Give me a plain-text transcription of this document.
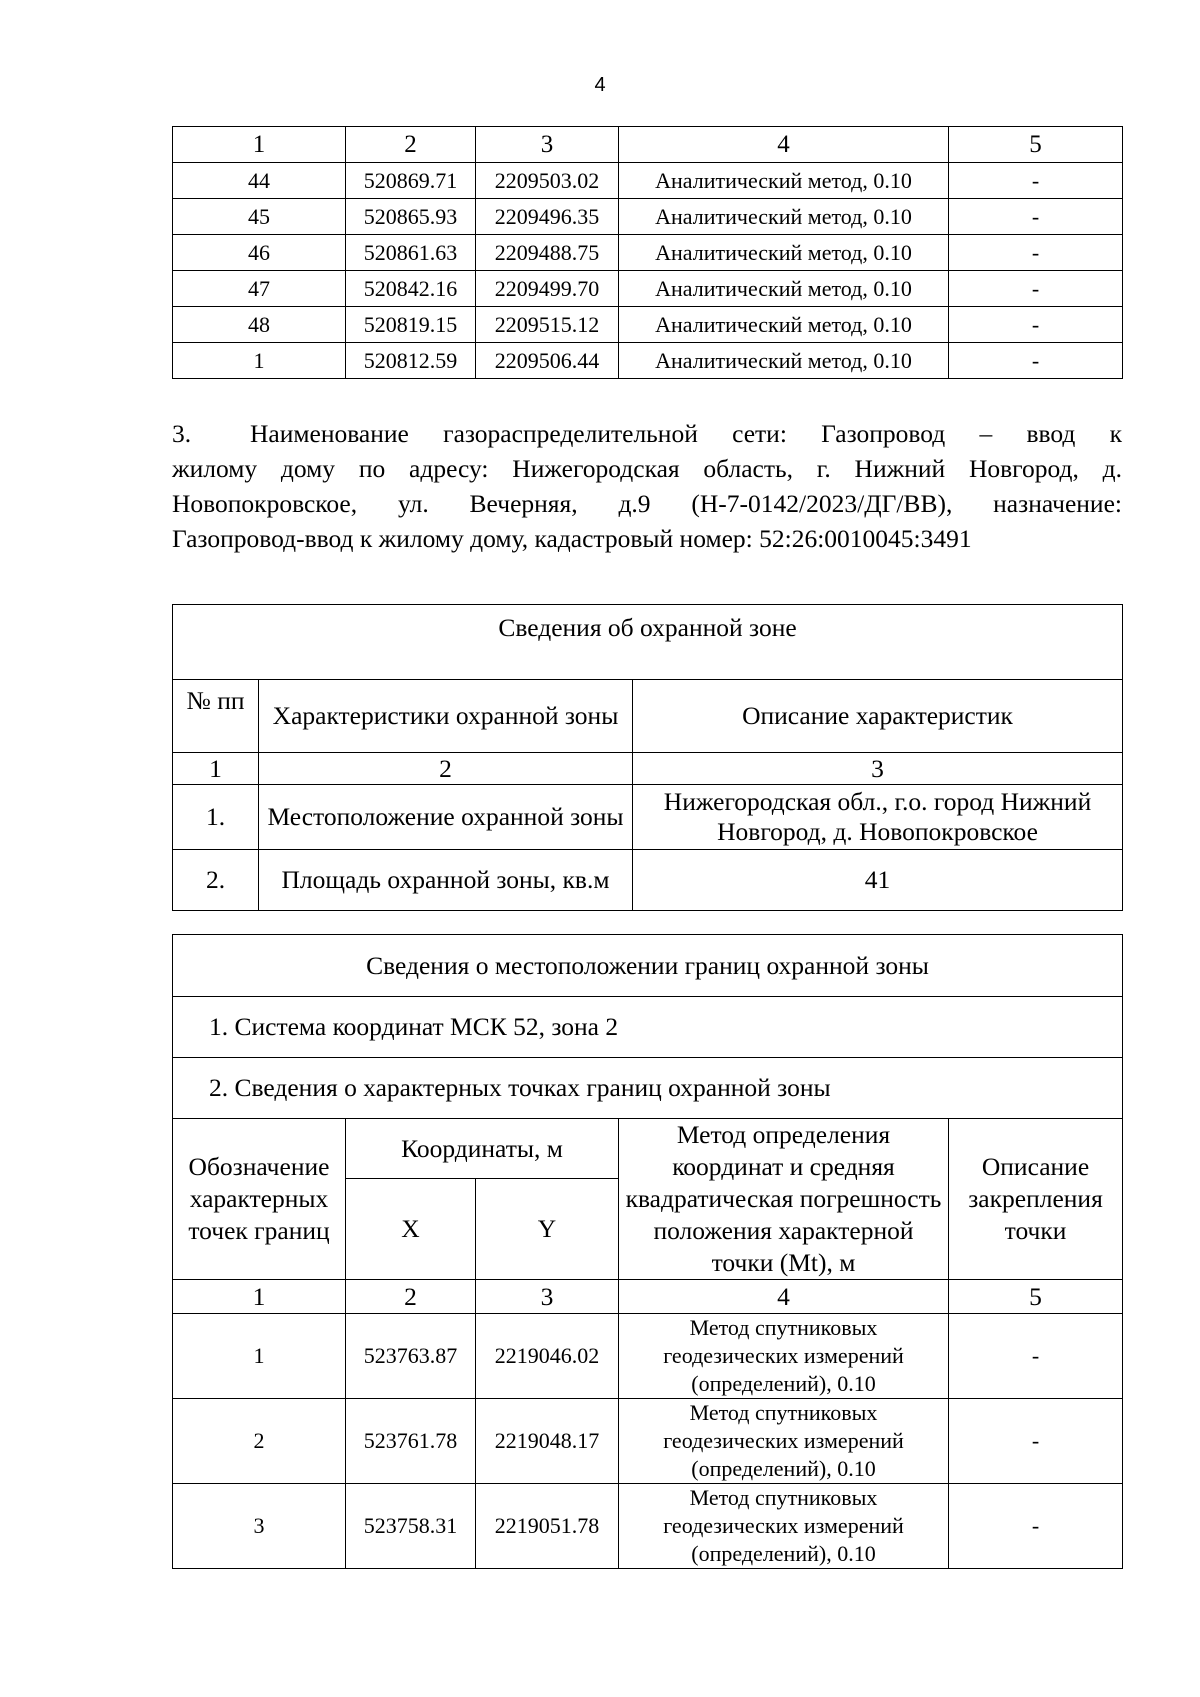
4
1	2	3	4	5
44	520869.71	2209503.02	Аналитический метод, 0.10	-
45	520865.93	2209496.35	Аналитический метод, 0.10	-
46	520861.63	2209488.75	Аналитический метод, 0.10	-
47	520842.16	2209499.70	Аналитический метод, 0.10	-
48	520819.15	2209515.12	Аналитический метод, 0.10	-
1	520812.59	2209506.44	Аналитический метод, 0.10	-
3. Наименование газораспределительной сети: Газопровод – ввод к
жилому дому по адресу: Нижегородская область, г. Нижний Новгород, д.
Новопокровское, ул. Вечерняя, д.9 (Н-7-0142/2023/ДГ/ВВ), назначение:
Газопровод-ввод к жилому дому, кадастровый номер: 52:26:0010045:3491
Сведения об охранной зоне		
№ пп	Характеристики охранной зоны	Описание характеристик
1	2	3
1.	Местоположение охранной зоны	Нижегородская обл., г.о. город Нижний Новгород, д. Новопокровское
2.	Площадь охранной зоны, кв.м	41
Сведения о местоположении границ охранной зоны				
1. Система координат МСК 52, зона 2				
2. Сведения о характерных точках границ охранной зоны				
Обозначение характерных точек границ	Координаты, м		Метод определения координат и средняя квадратическая погрешность положения характерной точки (Mt), м	Описание закрепления точки
	X	Y		
1	2	3	4	5
1	523763.87	2219046.02	Метод спутниковых геодезических измерений (определений), 0.10	-
2	523761.78	2219048.17	Метод спутниковых геодезических измерений (определений), 0.10	-
3	523758.31	2219051.78	Метод спутниковых геодезических измерений (определений), 0.10	-
